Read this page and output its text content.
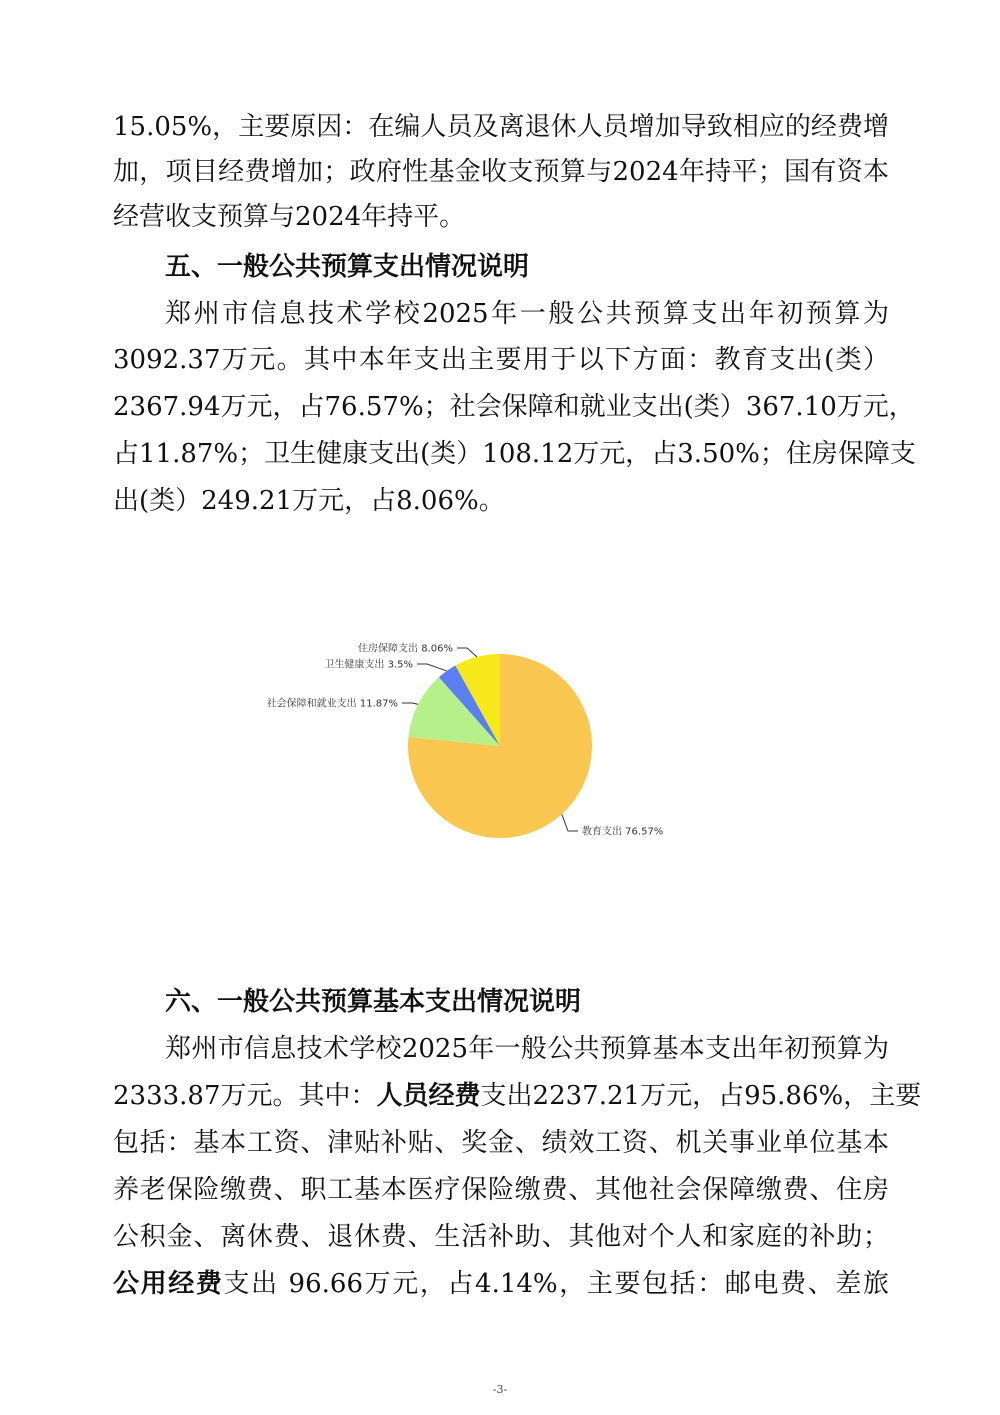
15.05%，主要原因：在编人员及离退休人员增加导致相应的经费增
加，项目经费增加；政府性基金收支预算与2024年持平；国有资本
经营收支预算与2024年持平。
五、一般公共预算支出情况说明
郑州市信息技术学校2025年一般公共预算支出年初预算为
3092.37万元。其中本年支出主要用于以下方面：教育支出(类）
2367.94万元，占76.57%；社会保障和就业支出(类）367.10万元，
占11.87%；卫生健康支出(类）108.12万元，占3.50%；住房保障支
出(类）249.21万元，占8.06%。
教育支出 76.57%
社会保障和就业支出 11.87%
卫生健康支出 3.5%
住房保障支出 8.06%
六、一般公共预算基本支出情况说明
郑州市信息技术学校2025年一般公共预算基本支出年初预算为
2333.87万元。其中：人员经费支出2237.21万元，占95.86%，主要
包括：基本工资、津贴补贴、奖金、绩效工资、机关事业单位基本
养老保险缴费、职工基本医疗保险缴费、其他社会保障缴费、住房
公积金、离休费、退休费、生活补助、其他对个人和家庭的补助；
公用经费支出 96.66万元，占4.14%，主要包括：邮电费、差旅
-3-
